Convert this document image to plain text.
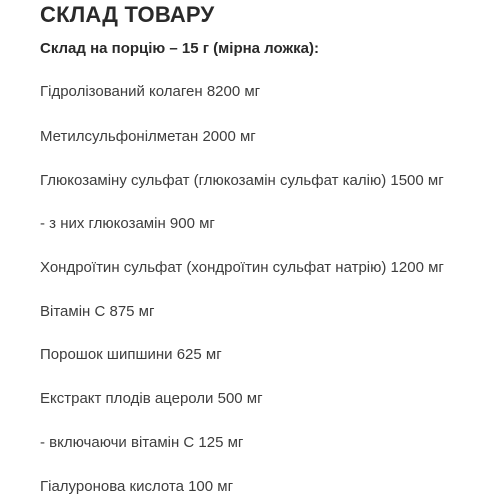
СКЛАД ТОВАРУ

Склад на порцію – 15 г (мірна ложка):

Гідролізований колаген 8200 мг

Метилсульфонілметан 2000 мг

Глюкозаміну сульфат (глюкозамін сульфат калію) 1500 мг

- з них глюкозамін 900 мг

Хондроїтин сульфат (хондроїтин сульфат натрію) 1200 мг

Вітамін С 875 мг

Порошок шипшини 625 мг

Екстракт плодів ацероли 500 мг

- включаючи вітамін С 125 мг

Гіалуронова кислота 100 мг
